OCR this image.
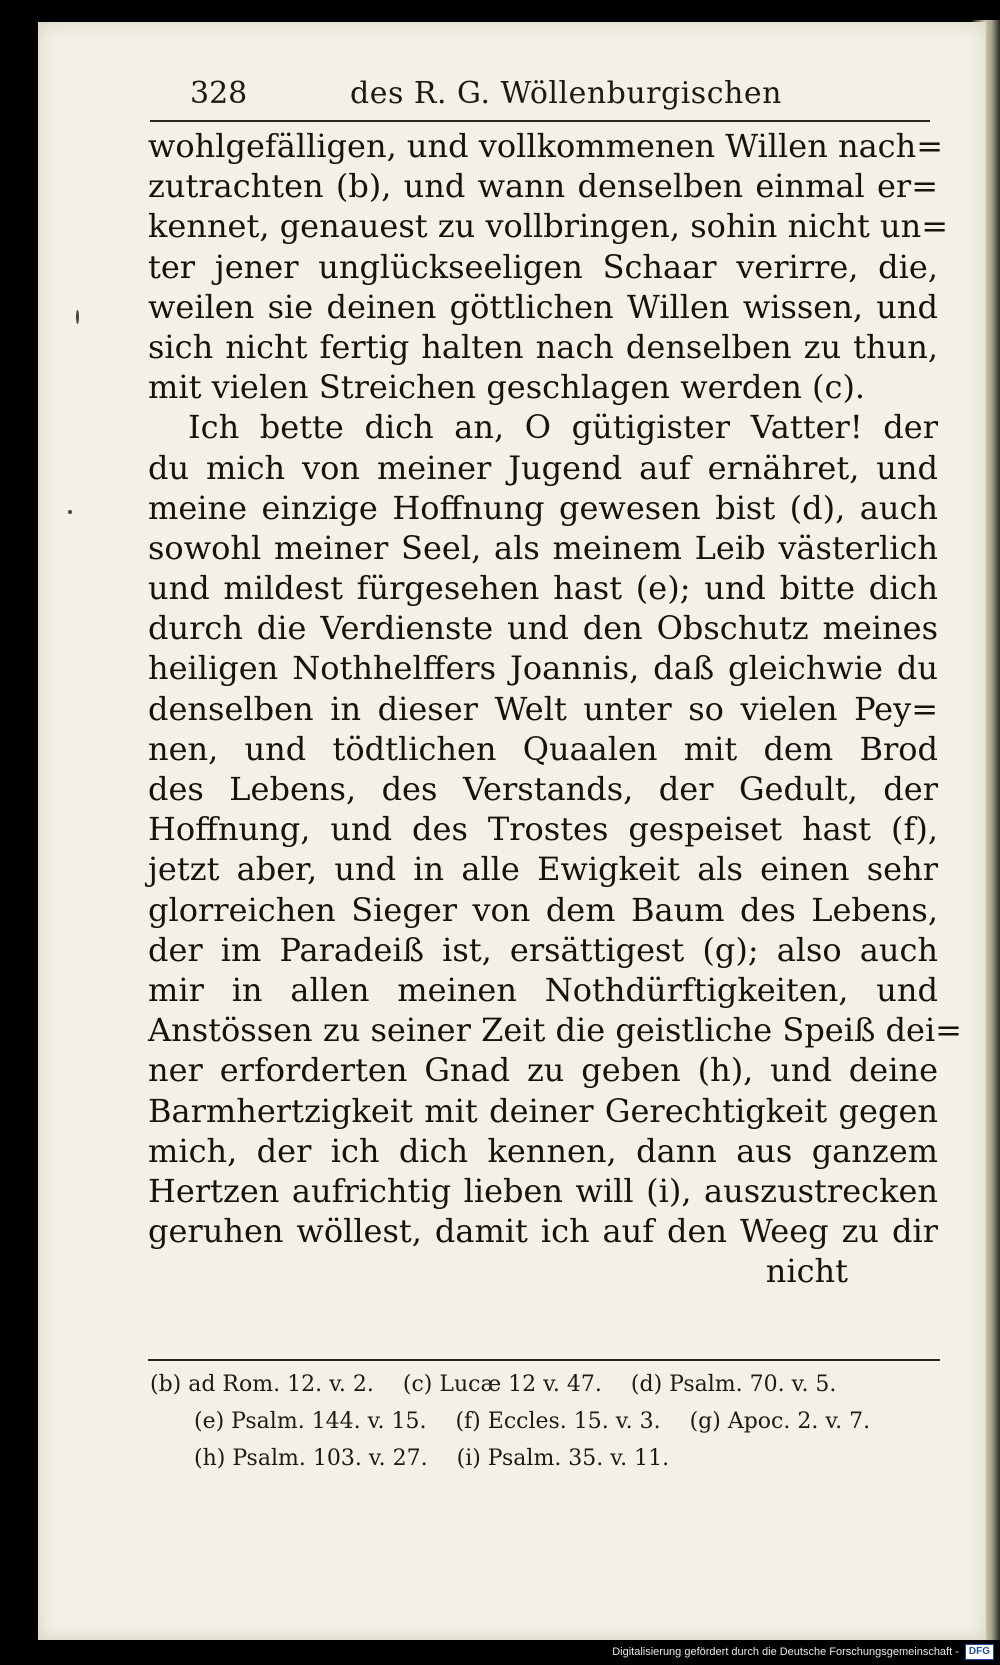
328	des R. G. Wöllenburgischen
wohlgefälligen, und vollkommenen Willen nach=
zutrachten (b), und wann denselben einmal er=
kennet, genauest zu vollbringen, sohin nicht un=
ter jener unglückseeligen Schaar verirre, die,
weilen sie deinen göttlichen Willen wissen, und
sich nicht fertig halten nach denselben zu thun,
mit vielen Streichen geschlagen werden (c).
Ich bette dich an, O gütigister Vatter! der
du mich von meiner Jugend auf ernähret, und
meine einzige Hoffnung gewesen bist (d), auch
sowohl meiner Seel, als meinem Leib västerlich
und mildest fürgesehen hast (e); und bitte dich
durch die Verdienste und den Obschutz meines
heiligen Nothhelffers Joannis, daß gleichwie du
denselben in dieser Welt unter so vielen Pey=
nen, und tödtlichen Quaalen mit dem Brod
des Lebens, des Verstands, der Gedult, der
Hoffnung, und des Trostes gespeiset hast (f),
jetzt aber, und in alle Ewigkeit als einen sehr
glorreichen Sieger von dem Baum des Lebens,
der im Paradeiß ist, ersättigest (g); also auch
mir in allen meinen Nothdürftigkeiten, und
Anstössen zu seiner Zeit die geistliche Speiß dei=
ner erforderten Gnad zu geben (h), und deine
Barmhertzigkeit mit deiner Gerechtigkeit gegen
mich, der ich dich kennen, dann aus ganzem
Hertzen aufrichtig lieben will (i), auszustrecken
geruhen wöllest, damit ich auf den Weeg zu dir
nicht
(b) ad Rom. 12. v. 2. (c) Lucæ 12 v. 47. (d) Psalm. 70. v. 5.
(e) Psalm. 144. v. 15. (f) Eccles. 15. v. 3. (g) Apoc. 2. v. 7.
(h) Psalm. 103. v. 27. (i) Psalm. 35. v. 11.
Digitalisierung gefördert durch die Deutsche Forschungsgemeinschaft -	DFG
